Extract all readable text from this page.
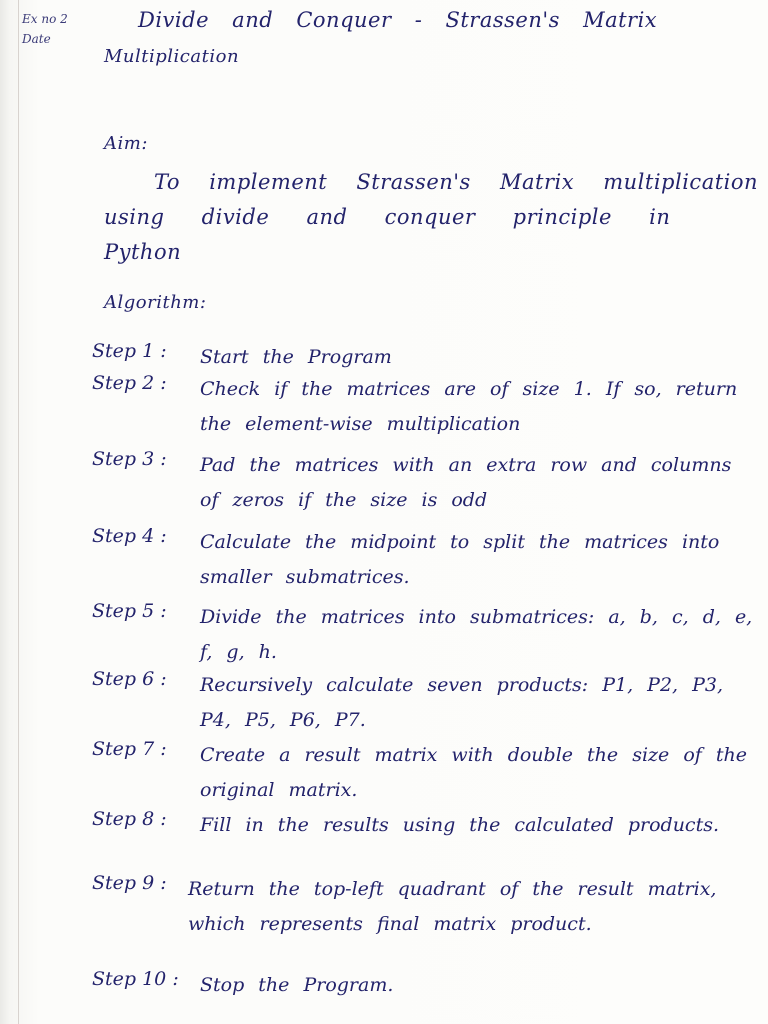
Ex no 2
Date
Divide and Conquer - Strassen's Matrix
Multiplication
Aim:
To implement Strassen's Matrix multiplication
using divide and conquer principle in
Python
Algorithm:
Step 1 : Start the Program
Step 2 : Check if the matrices are of size 1. If so, return the element-wise multiplication
Step 3 : Pad the matrices with an extra row and columns of zeros if the size is odd
Step 4 : Calculate the midpoint to split the matrices into smaller submatrices.
Step 5 : Divide the matrices into submatrices: a, b, c, d, e, f, g, h.
Step 6 : Recursively calculate seven products: P1, P2, P3, P4, P5, P6, P7.
Step 7 : Create a result matrix with double the size of the original matrix.
Step 8 : Fill in the results using the calculated products.
Step 9 : Return the top-left quadrant of the result matrix, which represents final matrix product.
Step 10 : Stop the Program.
